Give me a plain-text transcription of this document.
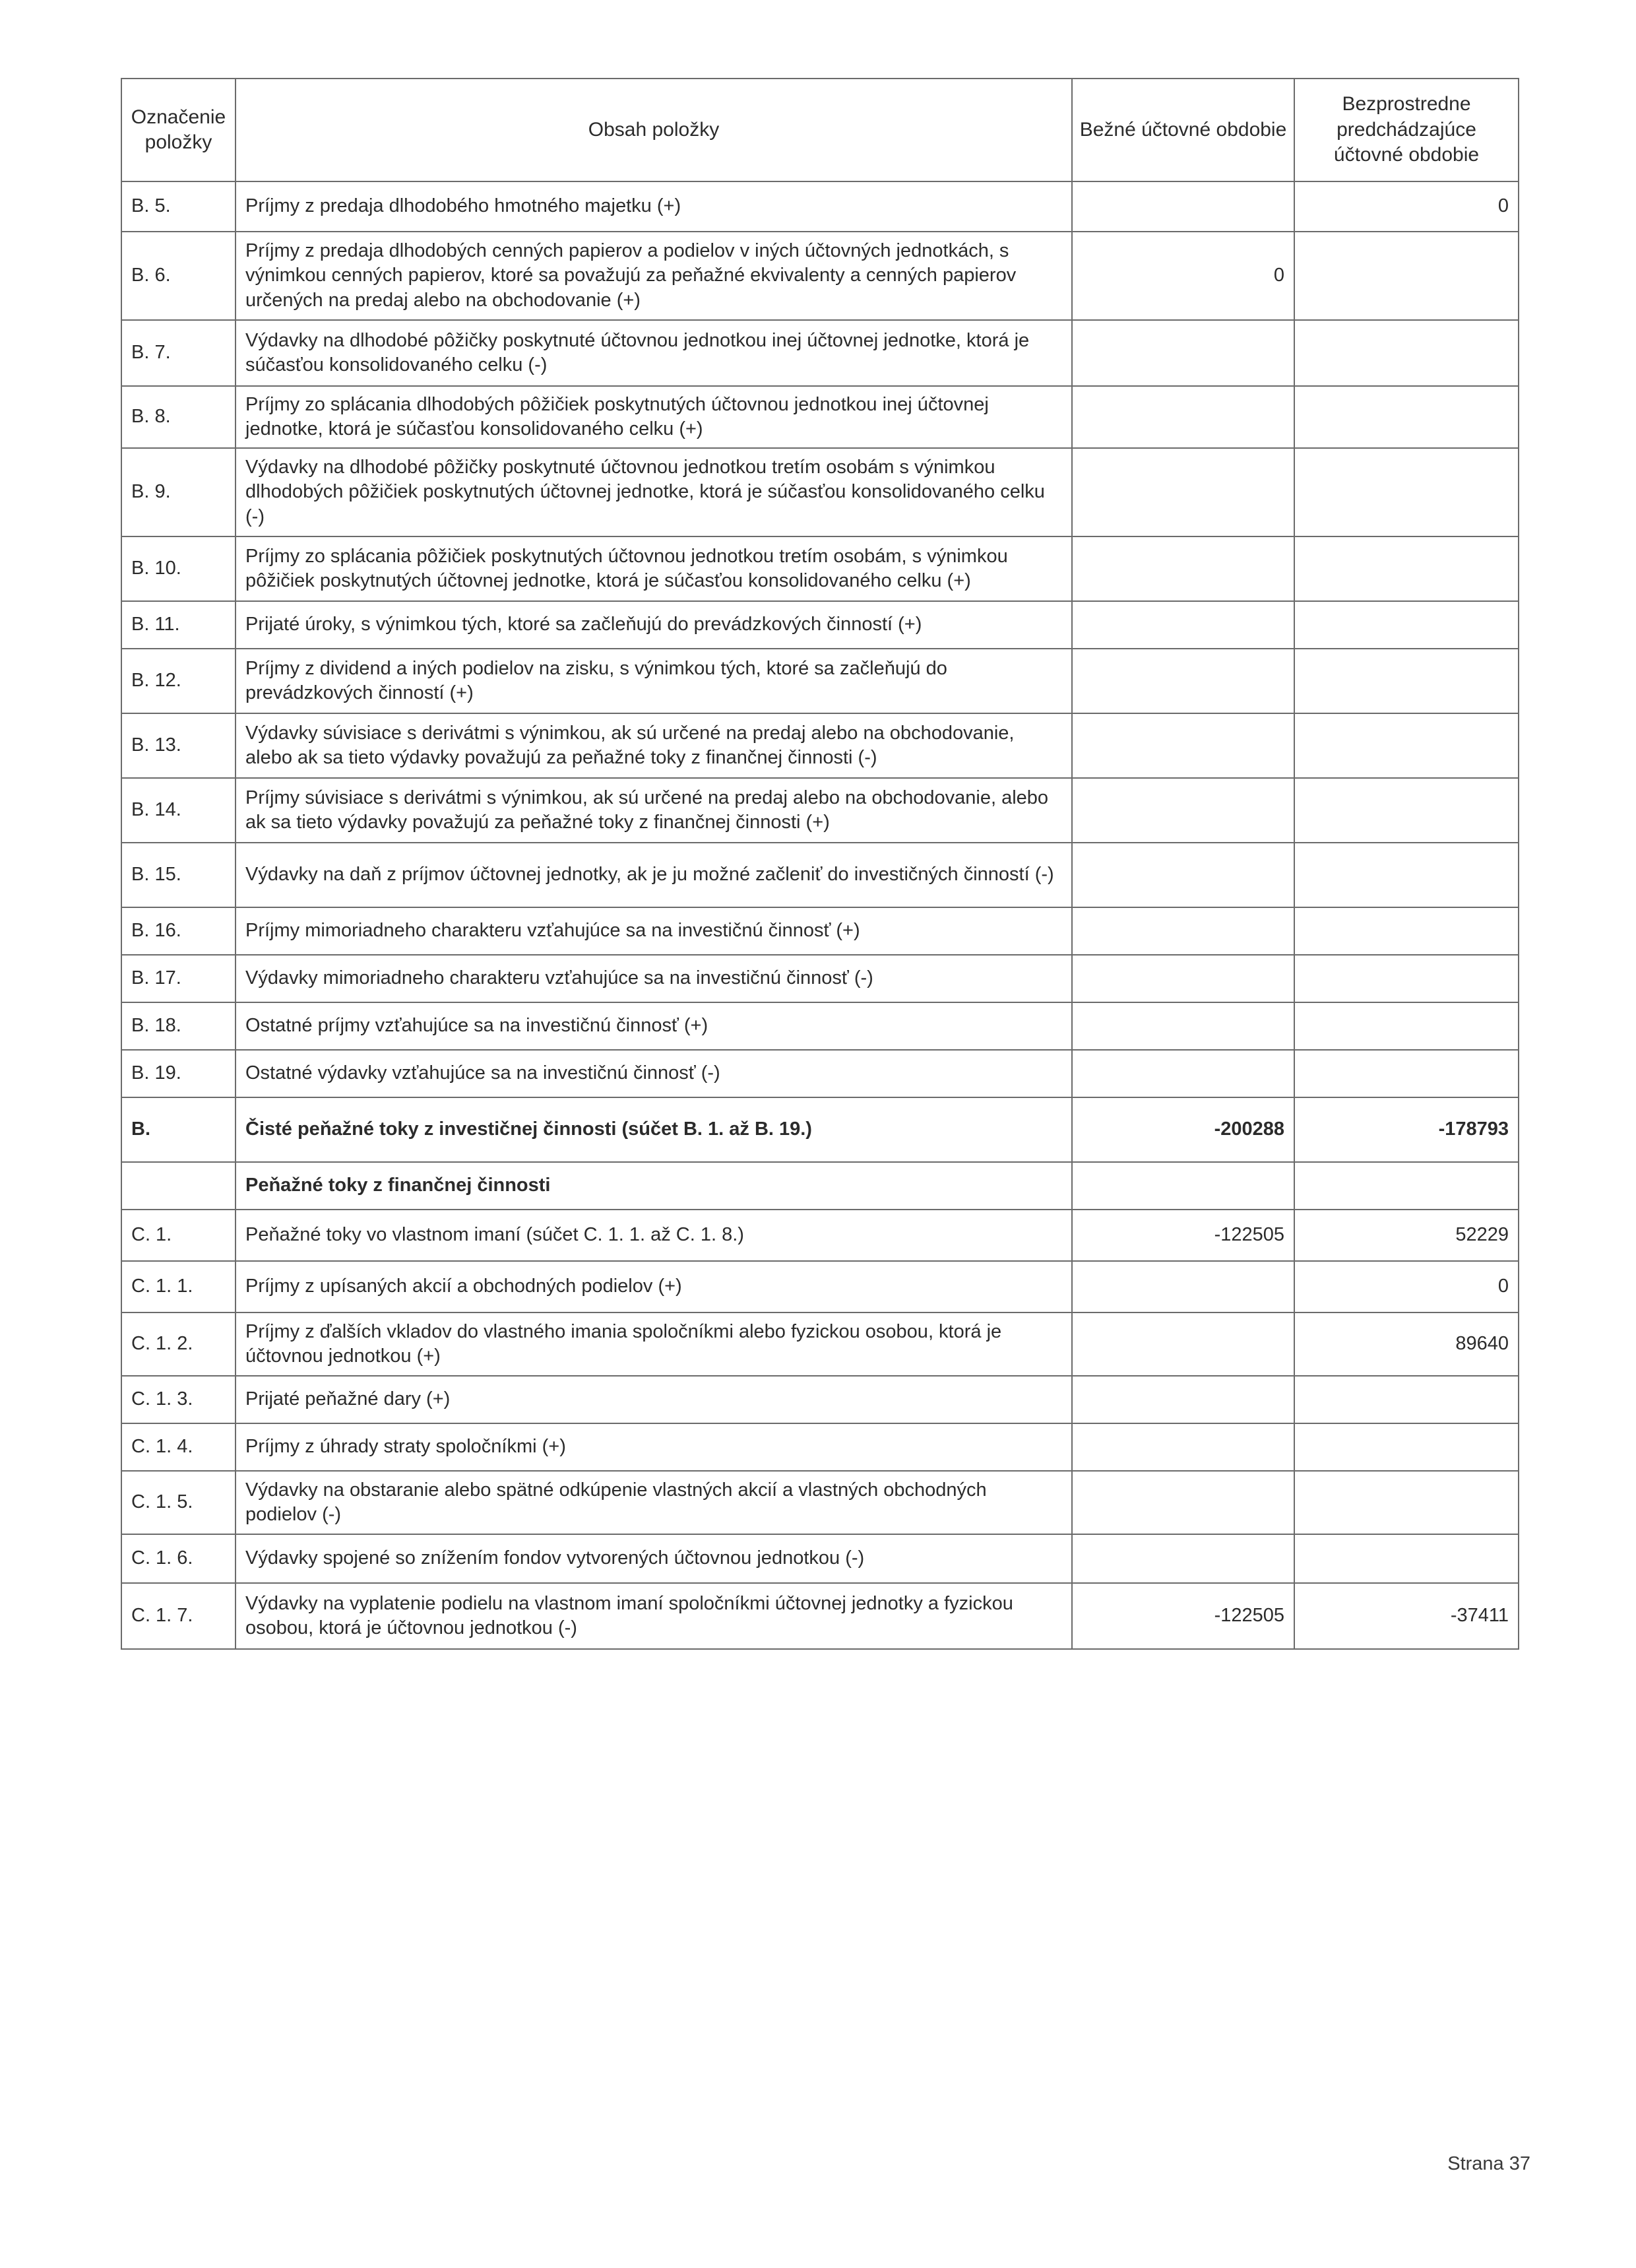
Označenie položky	Obsah položky	Bežné účtovné obdobie	Bezprostredne predchádzajúce účtovné obdobie
B. 5.	Príjmy z predaja dlhodobého hmotného majetku (+)		0
B. 6.	Príjmy z predaja dlhodobých cenných papierov a podielov v iných účtovných jednotkách, s výnimkou cenných papierov, ktoré sa považujú za peňažné ekvivalenty a cenných papierov určených na predaj alebo na obchodovanie (+)	0	
B. 7.	Výdavky na dlhodobé pôžičky poskytnuté účtovnou jednotkou inej účtovnej jednotke, ktorá je súčasťou konsolidovaného celku (-)		
B. 8.	Príjmy zo splácania dlhodobých pôžičiek poskytnutých účtovnou jednotkou inej účtovnej jednotke, ktorá je súčasťou konsolidovaného celku (+)		
B. 9.	Výdavky na dlhodobé pôžičky poskytnuté účtovnou jednotkou tretím osobám s výnimkou dlhodobých pôžičiek poskytnutých účtovnej jednotke, ktorá je súčasťou konsolidovaného celku (-)		
B. 10.	Príjmy zo splácania pôžičiek poskytnutých účtovnou jednotkou tretím osobám, s výnimkou pôžičiek poskytnutých účtovnej jednotke, ktorá je súčasťou konsolidovaného celku (+)		
B. 11.	Prijaté úroky, s výnimkou tých, ktoré sa začleňujú do prevádzkových činností (+)		
B. 12.	Príjmy z dividend a iných podielov na zisku, s výnimkou tých, ktoré sa začleňujú do prevádzkových činností (+)		
B. 13.	Výdavky súvisiace s derivátmi s výnimkou, ak sú určené na predaj alebo na obchodovanie, alebo ak sa tieto výdavky považujú za peňažné toky z finančnej činnosti (-)		
B. 14.	Príjmy súvisiace s derivátmi s výnimkou, ak sú určené na predaj alebo na obchodovanie, alebo ak sa tieto výdavky považujú za peňažné toky z finančnej činnosti (+)		
B. 15.	Výdavky na daň z príjmov účtovnej jednotky, ak je ju možné začleniť do investičných činností (-)		
B. 16.	Príjmy mimoriadneho charakteru vzťahujúce sa na investičnú činnosť (+)		
B. 17.	Výdavky mimoriadneho charakteru vzťahujúce sa na investičnú činnosť (-)		
B. 18.	Ostatné príjmy vzťahujúce sa na investičnú činnosť (+)		
B. 19.	Ostatné výdavky vzťahujúce sa na investičnú činnosť (-)		
B.	Čisté peňažné toky z investičnej činnosti (súčet B. 1. až B. 19.)	-200288	-178793
	Peňažné toky z finančnej činnosti		
C. 1.	Peňažné toky vo vlastnom imaní (súčet C. 1. 1. až C. 1. 8.)	-122505	52229
C. 1. 1.	Príjmy z upísaných akcií a obchodných podielov (+)		0
C. 1. 2.	Príjmy z ďalších vkladov do vlastného imania spoločníkmi alebo fyzickou osobou, ktorá je účtovnou jednotkou (+)		89640
C. 1. 3.	Prijaté peňažné dary (+)		
C. 1. 4.	Príjmy z úhrady straty spoločníkmi (+)		
C. 1. 5.	Výdavky na obstaranie alebo spätné odkúpenie vlastných akcií a vlastných obchodných podielov (-)		
C. 1. 6.	Výdavky spojené so znížením fondov vytvorených účtovnou jednotkou (-)		
C. 1. 7.	Výdavky na vyplatenie podielu na vlastnom imaní spoločníkmi účtovnej jednotky a fyzickou osobou, ktorá je účtovnou jednotkou (-)	-122505	-37411
Strana 37
